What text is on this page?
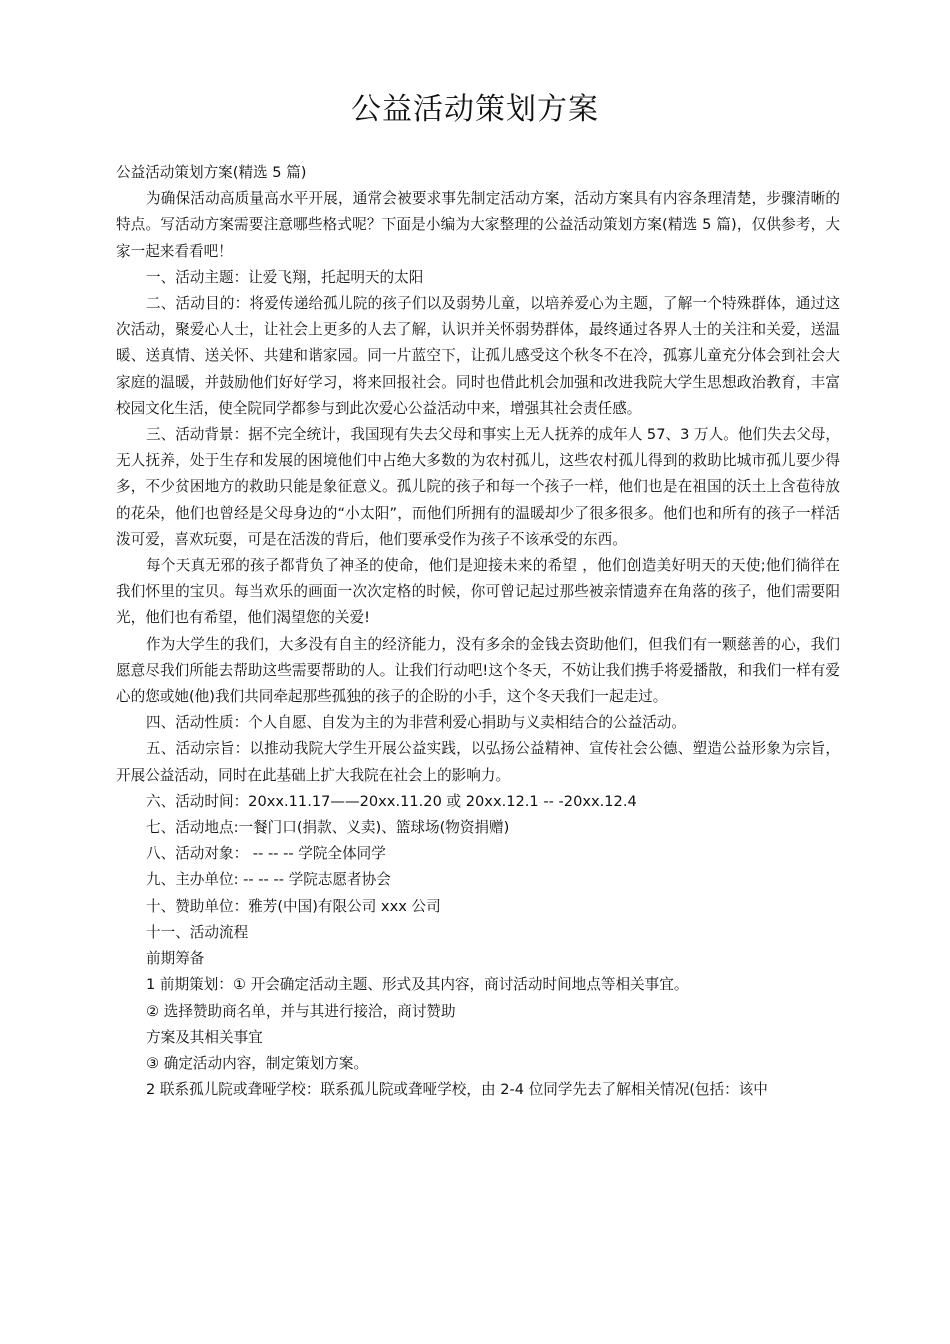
公益活动策划方案

公益活动策划方案(精选 5 篇)

为确保活动高质量高水平开展，通常会被要求事先制定活动方案，活动方案具有内容条理清楚，步骤清晰的特点。写活动方案需要注意哪些格式呢？下面是小编为大家整理的公益活动策划方案(精选 5 篇)，仅供参考，大家一起来看看吧！

一、活动主题：让爱飞翔，托起明天的太阳

二、活动目的：将爱传递给孤儿院的孩子们以及弱势儿童，以培养爱心为主题，了解一个特殊群体，通过这次活动，聚爱心人士，让社会上更多的人去了解，认识并关怀弱势群体，最终通过各界人士的关注和关爱，送温暖、送真情、送关怀、共建和谐家园。同一片蓝空下，让孤儿感受这个秋冬不在冷，孤寡儿童充分体会到社会大家庭的温暖，并鼓励他们好好学习，将来回报社会。同时也借此机会加强和改进我院大学生思想政治教育，丰富校园文化生活，使全院同学都参与到此次爱心公益活动中来，增强其社会责任感。

三、活动背景：据不完全统计，我国现有失去父母和事实上无人抚养的成年人 57、3 万人。他们失去父母，无人抚养，处于生存和发展的困境他们中占绝大多数的为农村孤儿，这些农村孤儿得到的救助比城市孤儿要少得多，不少贫困地方的救助只能是象征意义。孤儿院的孩子和每一个孩子一样，他们也是在祖国的沃土上含苞待放的花朵，他们也曾经是父母身边的“小太阳”，而他们所拥有的温暖却少了很多很多。他们也和所有的孩子一样活泼可爱，喜欢玩耍，可是在活泼的背后，他们要承受作为孩子不该承受的东西。

每个天真无邪的孩子都背负了神圣的使命，他们是迎接未来的希望 ，他们创造美好明天的天使;他们徜徉在我们怀里的宝贝。每当欢乐的画面一次次定格的时候，你可曾记起过那些被亲情遗弃在角落的孩子，他们需要阳光，他们也有希望，他们渴望您的关爱!

作为大学生的我们，大多没有自主的经济能力，没有多余的金钱去资助他们，但我们有一颗慈善的心，我们愿意尽我们所能去帮助这些需要帮助的人。让我们行动吧!这个冬天，不妨让我们携手将爱播散，和我们一样有爱心的您或她(他)我们共同牵起那些孤独的孩子的企盼的小手，这个冬天我们一起走过。

四、活动性质：个人自愿、自发为主的为非营利爱心捐助与义卖相结合的公益活动。

五、活动宗旨：以推动我院大学生开展公益实践，以弘扬公益精神、宣传社会公德、塑造公益形象为宗旨，开展公益活动，同时在此基础上扩大我院在社会上的影响力。

六、活动时间：20xx.11.17——20xx.11.20 或 20xx.12.1 -- -20xx.12.4

七、活动地点:一餐门口(捐款、义卖)、篮球场(物资捐赠)

八、活动对象： -- -- -- 学院全体同学

九、主办单位: -- -- -- 学院志愿者协会

十、赞助单位：雅芳(中国)有限公司 xxx 公司

十一、活动流程

前期筹备

1 前期策划：① 开会确定活动主题、形式及其内容，商讨活动时间地点等相关事宜。

② 选择赞助商名单，并与其进行接洽，商讨赞助

方案及其相关事宜

③ 确定活动内容，制定策划方案。

2 联系孤儿院或聋哑学校：联系孤儿院或聋哑学校，由 2-4 位同学先去了解相关情况(包括：该中
